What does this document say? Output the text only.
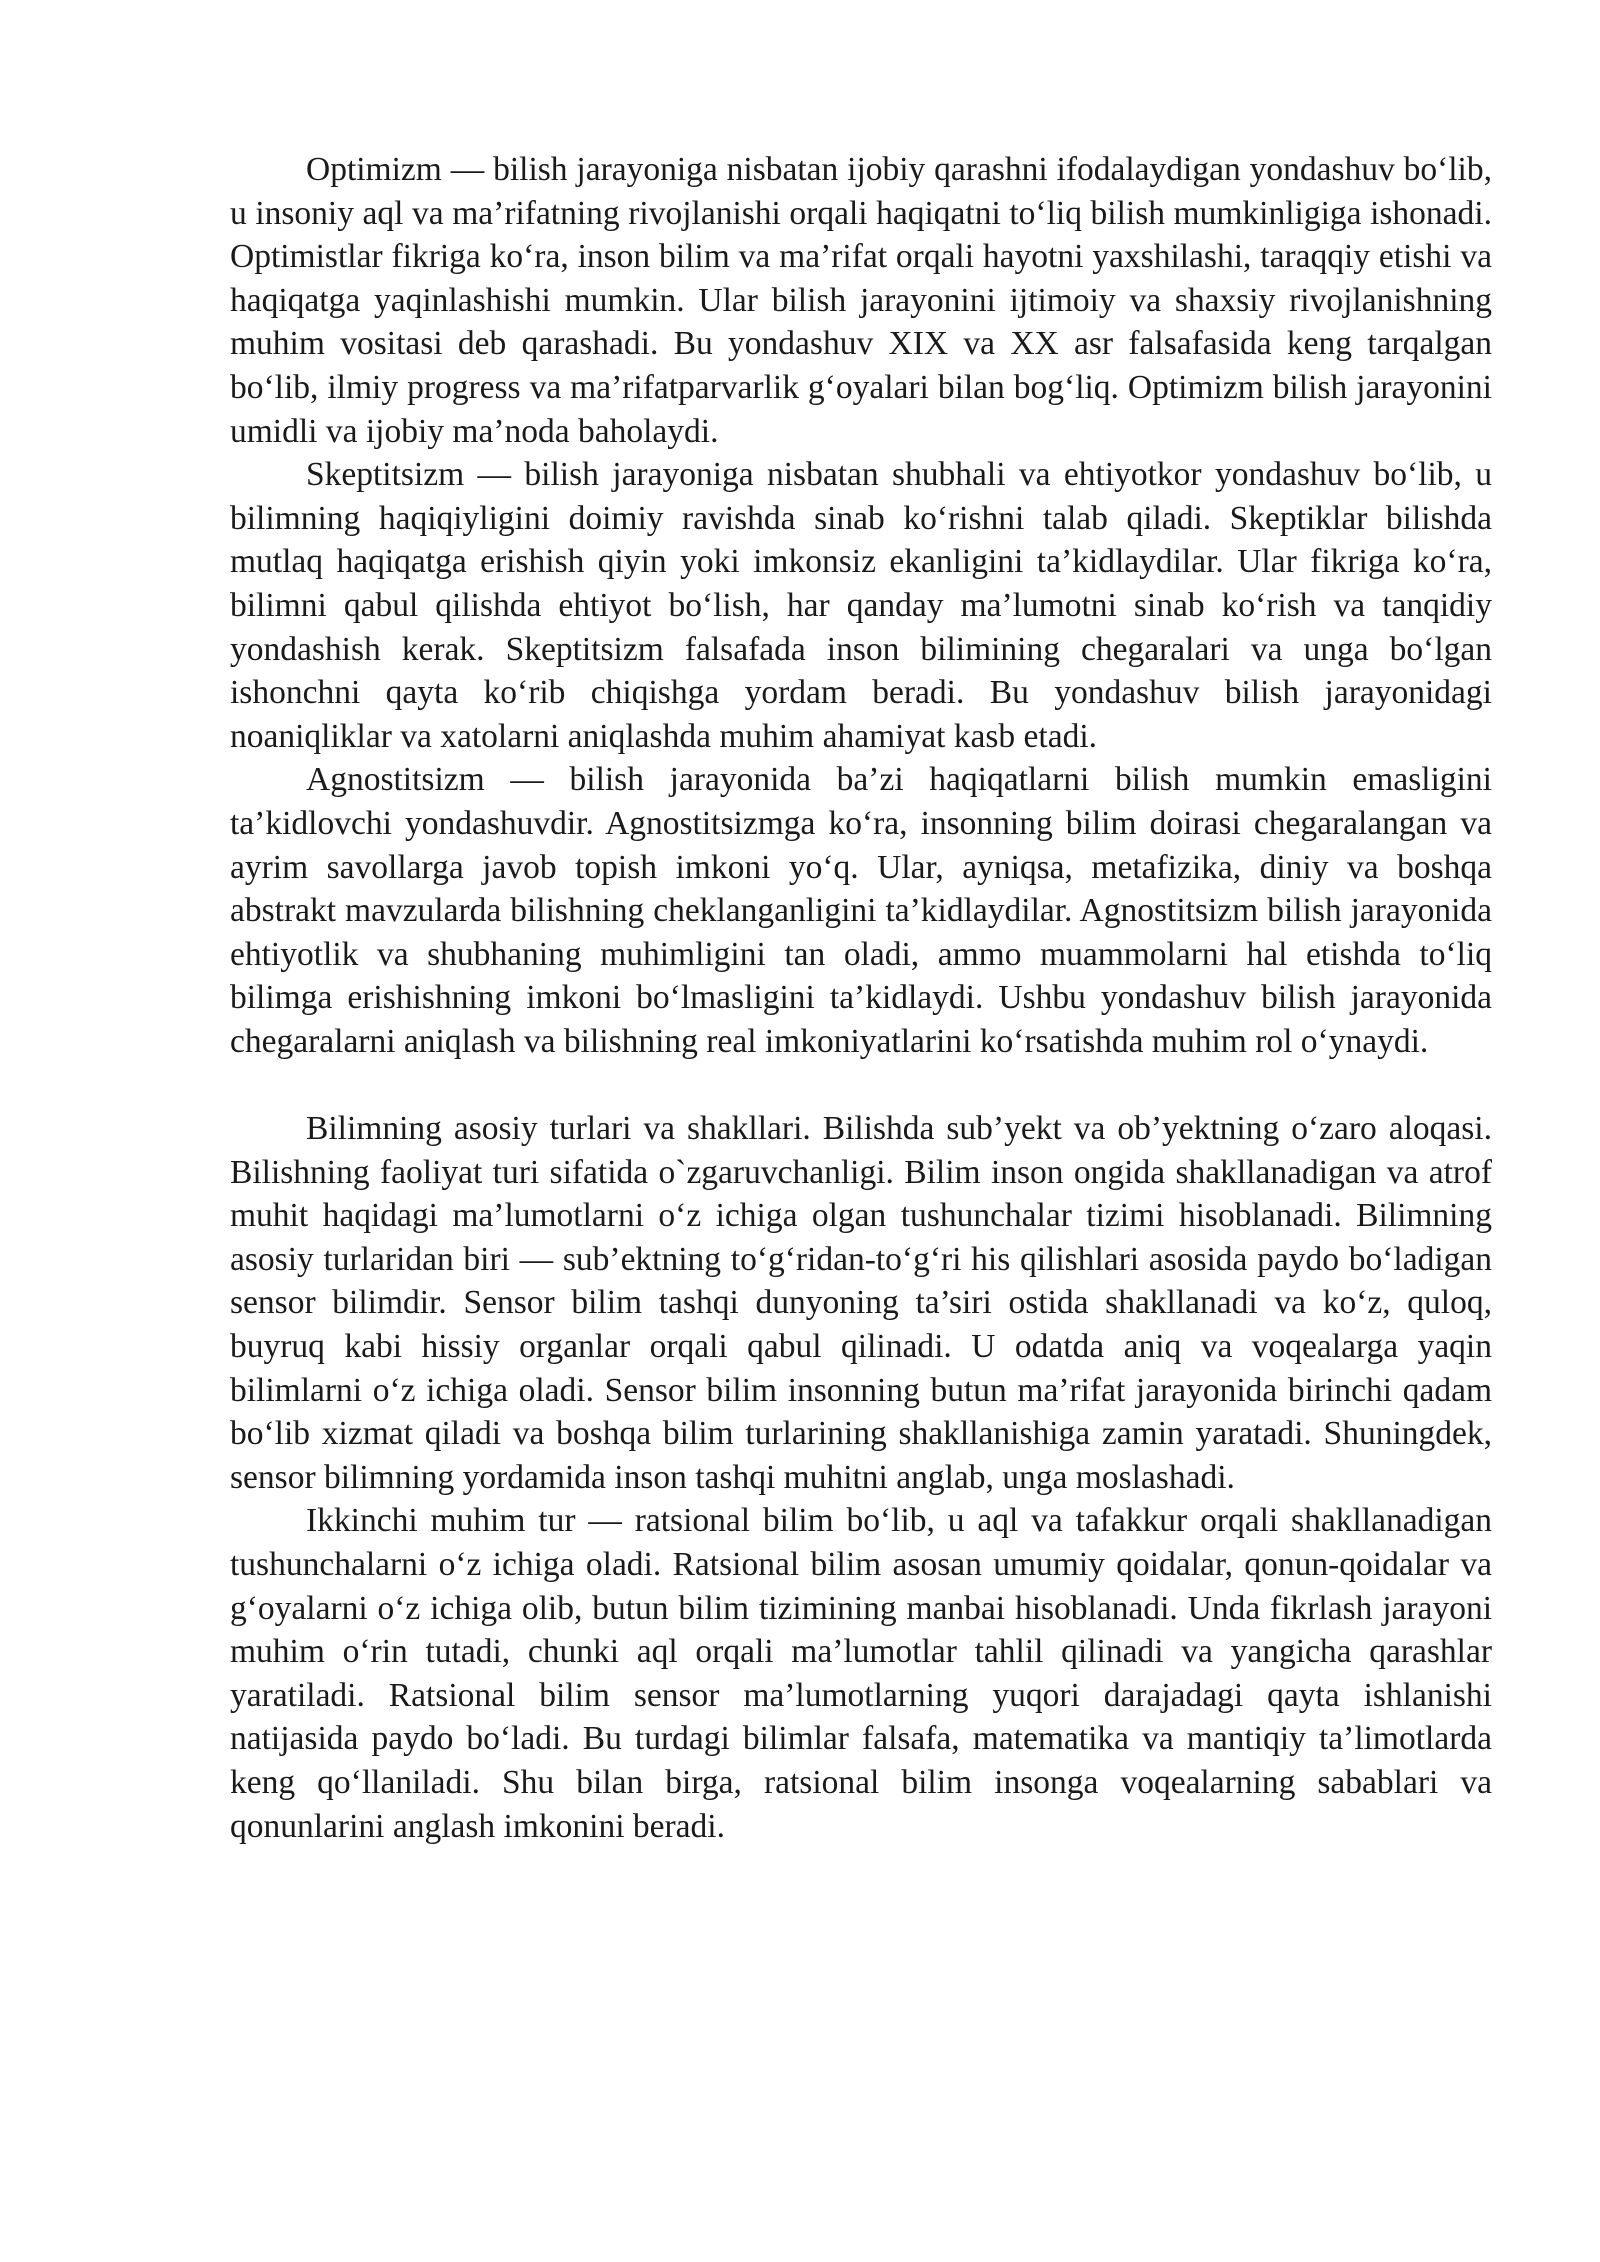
Optimizm — bilish jarayoniga nisbatan ijobiy qarashni ifodalaydigan yondashuv bo‘lib, u insoniy aql va ma’rifatning rivojlanishi orqali haqiqatni to‘liq bilish mumkinligiga ishonadi. Optimistlar fikriga ko‘ra, inson bilim va ma’rifat orqali hayotni yaxshilashi, taraqqiy etishi va haqiqatga yaqinlashishi mumkin. Ular bilish jarayonini ijtimoiy va shaxsiy rivojlanishning muhim vositasi deb qarashadi. Bu yondashuv XIX va XX asr falsafasida keng tarqalgan bo‘lib, ilmiy progress va ma’rifatparvarlik g‘oyalari bilan bog‘liq. Optimizm bilish jarayonini umidli va ijobiy ma’noda baholaydi.

Skeptitsizm — bilish jarayoniga nisbatan shubhali va ehtiyotkor yondashuv bo‘lib, u bilimning haqiqiyligini doimiy ravishda sinab ko‘rishni talab qiladi. Skeptiklar bilishda mutlaq haqiqatga erishish qiyin yoki imkonsiz ekanligini ta’kidlaydilar. Ular fikriga ko‘ra, bilimni qabul qilishda ehtiyot bo‘lish, har qanday ma’lumotni sinab ko‘rish va tanqidiy yondashish kerak. Skeptitsizm falsafada inson bilimining chegaralari va unga bo‘lgan ishonchni qayta ko‘rib chiqishga yordam beradi. Bu yondashuv bilish jarayonidagi noaniqliklar va xatolarni aniqlashda muhim ahamiyat kasb etadi.

Agnostitsizm — bilish jarayonida ba’zi haqiqatlarni bilish mumkin emasligini ta’kidlovchi yondashuvdir. Agnostitsizmga ko‘ra, insonning bilim doirasi chegaralangan va ayrim savollarga javob topish imkoni yo‘q. Ular, ayniqsa, metafizika, diniy va boshqa abstrakt mavzularda bilishning cheklanganligini ta’kidlaydilar. Agnostitsizm bilish jarayonida ehtiyotlik va shubhaning muhimligini tan oladi, ammo muammolarni hal etishda to‘liq bilimga erishishning imkoni bo‘lmasligini ta’kidlaydi. Ushbu yondashuv bilish jarayonida chegaralarni aniqlash va bilishning real imkoniyatlarini ko‘rsatishda muhim rol o‘ynaydi.

Bilimning asosiy turlari va shakllari. Bilishda sub’yekt va ob’yektning o‘zaro aloqasi. Bilishning faoliyat turi sifatida o`zgaruvchanligi. Bilim inson ongida shakllanadigan va atrof muhit haqidagi ma’lumotlarni o‘z ichiga olgan tushunchalar tizimi hisoblanadi. Bilimning asosiy turlaridan biri — sub’ektning to‘g‘ridan-to‘g‘ri his qilishlari asosida paydo bo‘ladigan sensor bilimdir. Sensor bilim tashqi dunyoning ta’siri ostida shakllanadi va ko‘z, quloq, buyruq kabi hissiy organlar orqali qabul qilinadi. U odatda aniq va voqealarga yaqin bilimlarni o‘z ichiga oladi. Sensor bilim insonning butun ma’rifat jarayonida birinchi qadam bo‘lib xizmat qiladi va boshqa bilim turlarining shakllanishiga zamin yaratadi. Shuningdek, sensor bilimning yordamida inson tashqi muhitni anglab, unga moslashadi.

Ikkinchi muhim tur — ratsional bilim bo‘lib, u aql va tafakkur orqali shakllanadigan tushunchalarni o‘z ichiga oladi. Ratsional bilim asosan umumiy qoidalar, qonun-qoidalar va g‘oyalarni o‘z ichiga olib, butun bilim tizimining manbai hisoblanadi. Unda fikrlash jarayoni muhim o‘rin tutadi, chunki aql orqali ma’lumotlar tahlil qilinadi va yangicha qarashlar yaratiladi. Ratsional bilim sensor ma’lumotlarning yuqori darajadagi qayta ishlanishi natijasida paydo bo‘ladi. Bu turdagi bilimlar falsafa, matematika va mantiqiy ta’limotlarda keng qo‘llaniladi. Shu bilan birga, ratsional bilim insonga voqealarning sabablari va qonunlarini anglash imkonini beradi.
